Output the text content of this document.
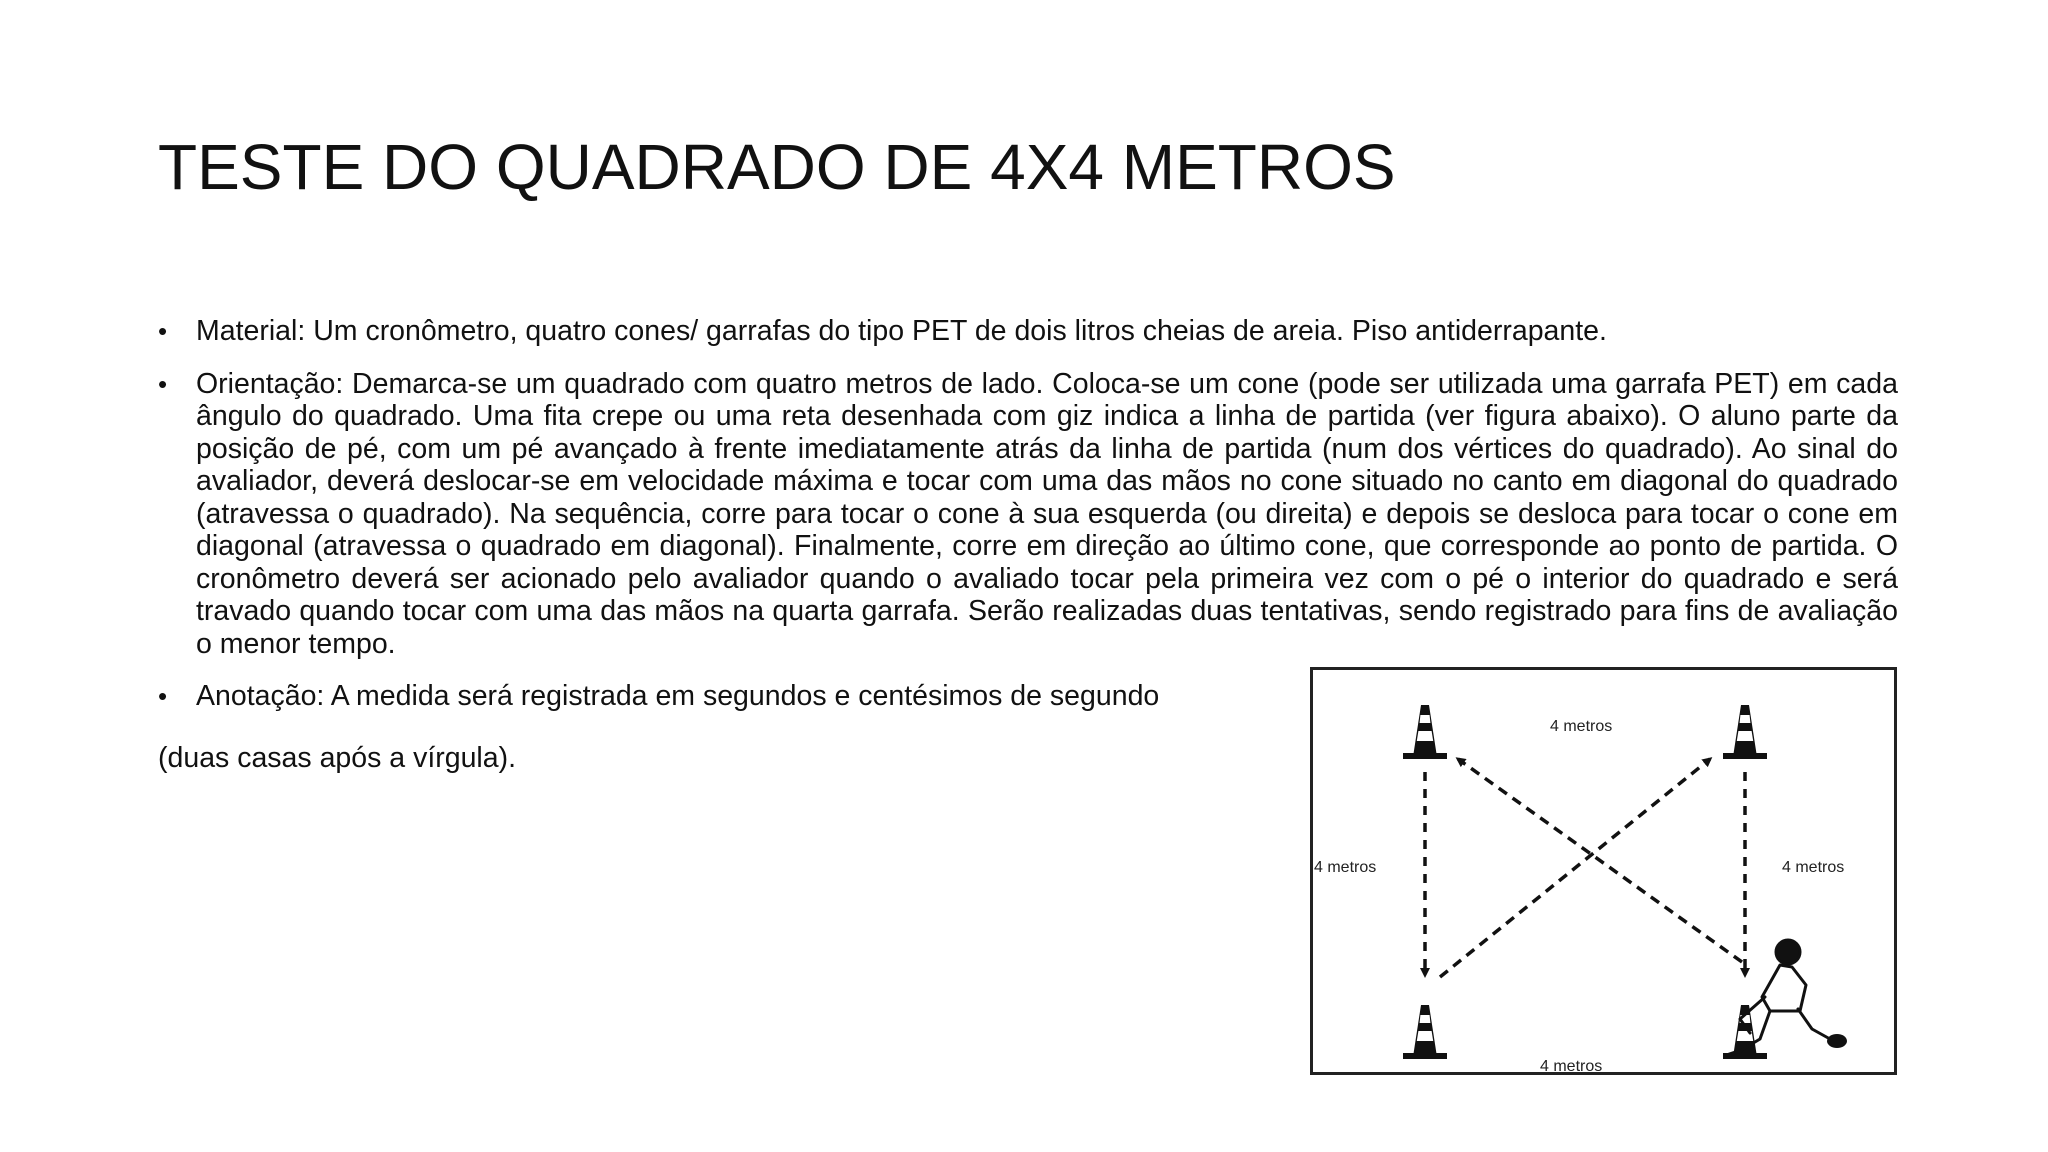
TESTE DO QUADRADO DE 4X4 METROS
• Material: Um cronômetro, quatro cones/ garrafas do tipo PET de dois litros cheias de areia. Piso antiderrapante.
• Orientação: Demarca-se um quadrado com quatro metros de lado. Coloca-se um cone (pode ser utilizada uma garrafa PET) em cada ângulo do quadrado. Uma fita crepe ou uma reta desenhada com giz indica a linha de partida (ver figura abaixo). O aluno parte da posição de pé, com um pé avançado à frente imediatamente atrás da linha de partida (num dos vértices do quadrado). Ao sinal do avaliador, deverá deslocar-se em velocidade máxima e tocar com uma das mãos no cone situado no canto em diagonal do quadrado (atravessa o quadrado). Na sequência, corre para tocar o cone à sua esquerda (ou direita) e depois se desloca para tocar o cone em diagonal (atravessa o quadrado em diagonal). Finalmente, corre em direção ao último cone, que corresponde ao ponto de partida. O cronômetro deverá ser acionado pelo avaliador quando o avaliado tocar pela primeira vez com o pé o interior do quadrado e será travado quando tocar com uma das mãos na quarta garrafa. Serão realizadas duas tentativas, sendo registrado para fins de avaliação o menor tempo.
• Anotação: A medida será registrada em segundos e centésimos de segundo
(duas casas após a vírgula).
4 metros
4 metros	4 metros
4 metros
